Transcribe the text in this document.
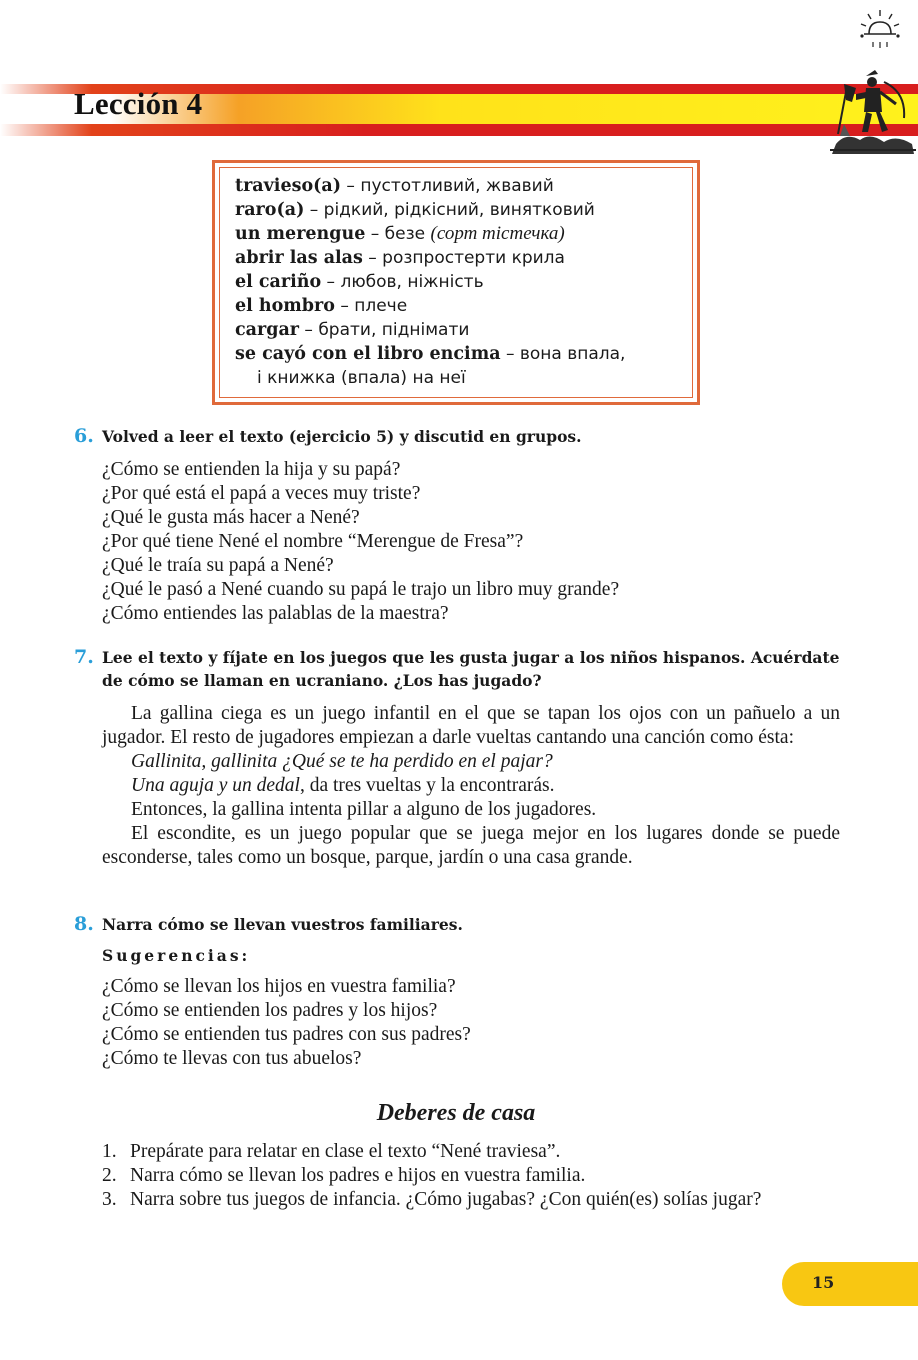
Lección 4
travieso(a) – пустотливий, жвавий
raro(a) – рідкий, рідкісний, винятковий
un merengue – безе (сорт тістечка)
abrir las alas – розпростерти крила
el cariño – любов, ніжність
el hombro – плече
cargar – брати, піднімати
se cayó con el libro encima – вона впала,
і книжка (впала) на неї
6. Volved a leer el texto (ejercicio 5) y discutid en grupos.
¿Cómo se entienden la hija y su papá?
¿Por qué está el papá a veces muy triste?
¿Qué le gusta más hacer a Nené?
¿Por qué tiene Nené el nombre “Merengue de Fresa”?
¿Qué le traía su papá a Nené?
¿Qué le pasó a Nené cuando su papá le trajo un libro muy grande?
¿Cómo entiendes las palablas de la maestra?
7. Lee el texto y fíjate en los juegos que les gusta jugar a los niños hispanos. Acuérdate de cómo se llaman en ucraniano. ¿Los has jugado?

La gallina ciega es un juego infantil en el que se tapan los ojos con un pañuelo a un jugador. El resto de jugadores empiezan a darle vueltas cantando una canción como ésta:

Gallinita, gallinita ¿Qué se te ha perdido en el pajar?

Una aguja y un dedal, da tres vueltas y la encontrarás.

Entonces, la gallina intenta pillar a alguno de los jugadores.

El escondite, es un juego popular que se juega mejor en los lugares donde se puede esconderse, tales como un bosque, parque, jardín o una casa grande.

8. Narra cómo se llevan vuestros familiares.
Sugerencias:
¿Cómo se llevan los hijos en vuestra familia?
¿Cómo se entienden los padres y los hijos?
¿Cómo se entienden tus padres con sus padres?
¿Cómo te llevas con tus abuelos?
Deberes de casa
1. Prepárate para relatar en clase el texto “Nené traviesa”.
2. Narra cómo se llevan los padres e hijos en vuestra familia.
3. Narra sobre tus juegos de infancia. ¿Cómo jugabas? ¿Con quién(es) solías jugar?
15
